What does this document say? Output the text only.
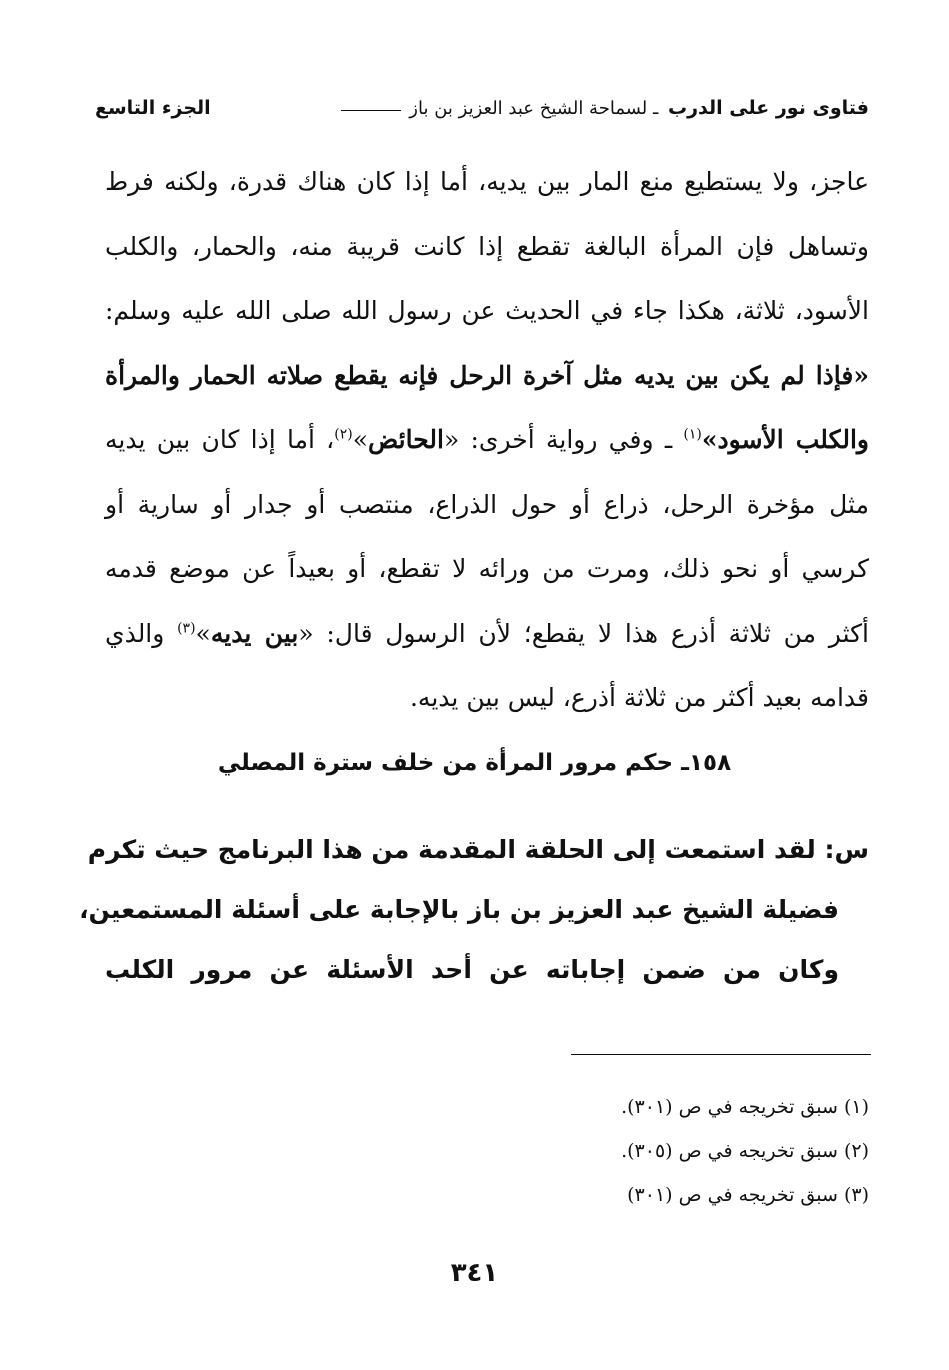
فتاوى نور على الدرب
ـ لسماحة الشيخ عبد العزيز بن باز
الجزء التاسع
عاجز، ولا يستطيع منع المار بين يديه، أما إذا كان هناك قدرة، ولكنه فرط
وتساهل فإن المرأة البالغة تقطع إذا كانت قريبة منه، والحمار، والكلب
الأسود، ثلاثة، هكذا جاء في الحديث عن رسول الله صلى الله عليه وسلم:
«فإذا لم يكن بين يديه مثل آخرة الرحل فإنه يقطع صلاته الحمار والمرأة
والكلب الأسود»$^{(١)}$ ـ وفي رواية أخرى: «الحائض»$^{(٢)}$، أما إذا كان بين يديه
مثل مؤخرة الرحل، ذراع أو حول الذراع، منتصب أو جدار أو سارية أو
كرسي أو نحو ذلك، ومرت من ورائه لا تقطع، أو بعيداً عن موضع قدمه
أكثر من ثلاثة أذرع هذا لا يقطع؛ لأن الرسول قال: «بين يديه»$^{(٣)}$ والذي
قدامه بعيد أكثر من ثلاثة أذرع، ليس بين يديه.
١٥٨ـ حكم مرور المرأة من خلف سترة المصلي
س: لقد استمعت إلى الحلقة المقدمة من هذا البرنامج حيث تكرم
فضيلة الشيخ عبد العزيز بن باز بالإجابة على أسئلة المستمعين،
وكان من ضمن إجاباته عن أحد الأسئلة عن مرور الكلب
(١) سبق تخريجه في ص (٣٠١).
(٢) سبق تخريجه في ص (٣٠٥).
(٣) سبق تخريجه في ص (٣٠١)
٣٤١
